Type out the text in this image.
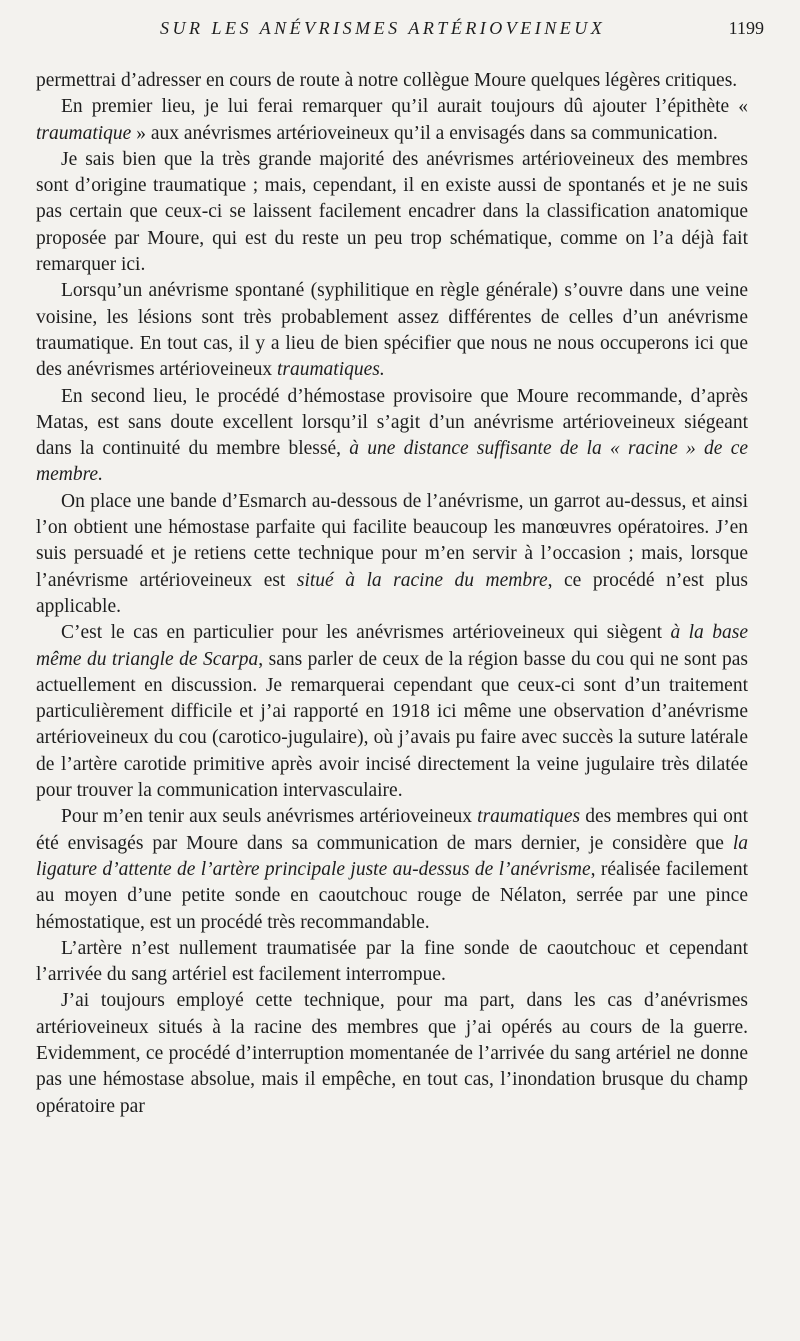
SUR LES ANÉVRISMES ARTÉRIOVEINEUX	1199

permettrai d’adresser en cours de route à notre collègue Moure quelques légères critiques.

En premier lieu, je lui ferai remarquer qu’il aurait toujours dû ajouter l’épithète « traumatique » aux anévrismes artérioveineux qu’il a envisagés dans sa communication.

Je sais bien que la très grande majorité des anévrismes artérioveineux des membres sont d’origine traumatique ; mais, cependant, il en existe aussi de spontanés et je ne suis pas certain que ceux-ci se laissent facilement encadrer dans la classification anatomique proposée par Moure, qui est du reste un peu trop schématique, comme on l’a déjà fait remarquer ici.

Lorsqu’un anévrisme spontané (syphilitique en règle générale) s’ouvre dans une veine voisine, les lésions sont très probablement assez différentes de celles d’un anévrisme traumatique. En tout cas, il y a lieu de bien spécifier que nous ne nous occuperons ici que des anévrismes artérioveineux traumatiques.

En second lieu, le procédé d’hémostase provisoire que Moure recommande, d’après Matas, est sans doute excellent lorsqu’il s’agit d’un anévrisme artérioveineux siégeant dans la continuité du membre blessé, à une distance suffisante de la « racine » de ce membre.

On place une bande d’Esmarch au-dessous de l’anévrisme, un garrot au-dessus, et ainsi l’on obtient une hémostase parfaite qui facilite beaucoup les manœuvres opératoires. J’en suis persuadé et je retiens cette technique pour m’en servir à l’occasion ; mais, lorsque l’anévrisme artérioveineux est situé à la racine du membre, ce procédé n’est plus applicable.

C’est le cas en particulier pour les anévrismes artérioveineux qui siègent à la base même du triangle de Scarpa, sans parler de ceux de la région basse du cou qui ne sont pas actuellement en discussion. Je remarquerai cependant que ceux-ci sont d’un traitement particulièrement difficile et j’ai rapporté en 1918 ici même une observation d’anévrisme artérioveineux du cou (carotico-jugulaire), où j’avais pu faire avec succès la suture latérale de l’artère carotide primitive après avoir incisé directement la veine jugulaire très dilatée pour trouver la communication intervasculaire.

Pour m’en tenir aux seuls anévrismes artérioveineux traumatiques des membres qui ont été envisagés par Moure dans sa communication de mars dernier, je considère que la ligature d’attente de l’artère principale juste au-dessus de l’anévrisme, réalisée facilement au moyen d’une petite sonde en caoutchouc rouge de Nélaton, serrée par une pince hémostatique, est un procédé très recommandable.

L’artère n’est nullement traumatisée par la fine sonde de caoutchouc et cependant l’arrivée du sang artériel est facilement interrompue.

J’ai toujours employé cette technique, pour ma part, dans les cas d’anévrismes artérioveineux situés à la racine des membres que j’ai opérés au cours de la guerre. Evidemment, ce procédé d’interruption momentanée de l’arrivée du sang artériel ne donne pas une hémostase absolue, mais il empêche, en tout cas, l’inondation brusque du champ opératoire par
